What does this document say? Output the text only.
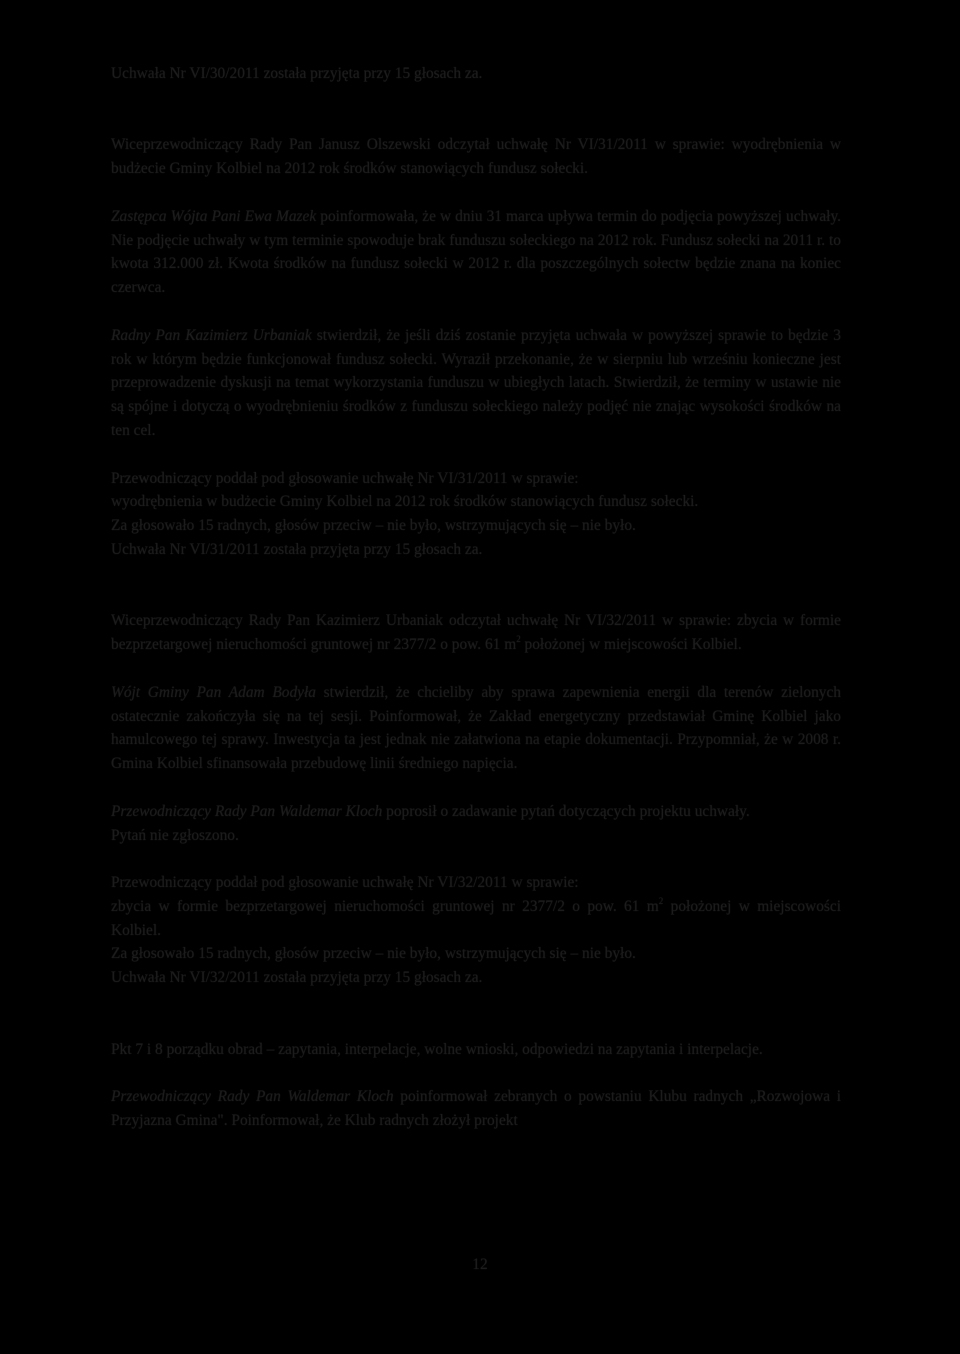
Uchwała Nr VI/30/2011 została przyjęta przy 15 głosach za.

Wiceprzewodniczący Rady Pan Janusz Olszewski odczytał uchwałę Nr VI/31/2011 w sprawie: wyodrębnienia w budżecie Gminy Kolbiel na 2012 rok środków stanowiących fundusz sołecki.

Zastępca Wójta Pani Ewa Mazek poinformowała, że w dniu 31 marca upływa termin do podjęcia powyższej uchwały. Nie podjęcie uchwały w tym terminie spowoduje brak funduszu sołeckiego na 2012 rok. Fundusz sołecki na 2011 r. to kwota 312.000 zł. Kwota środków na fundusz sołecki w 2012 r. dla poszczególnych sołectw będzie znana na koniec czerwca.

Radny Pan Kazimierz Urbaniak stwierdził, że jeśli dziś zostanie przyjęta uchwała w powyższej sprawie to będzie 3 rok w którym będzie funkcjonował fundusz sołecki. Wyraził przekonanie, że w sierpniu lub wrześniu konieczne jest przeprowadzenie dyskusji na temat wykorzystania funduszu w ubiegłych latach. Stwierdził, że terminy w ustawie nie są spójne i dotyczą o wyodrębnieniu środków z funduszu sołeckiego należy podjęć nie znając wysokości środków na ten cel.

Przewodniczący poddał pod głosowanie uchwałę Nr VI/31/2011 w sprawie:

wyodrębnienia w budżecie Gminy Kolbiel na 2012 rok środków stanowiących fundusz sołecki.

Za głosowało 15 radnych, głosów przeciw – nie było, wstrzymujących się – nie było.

Uchwała Nr VI/31/2011 została przyjęta przy 15 głosach za.

Wiceprzewodniczący Rady Pan Kazimierz Urbaniak odczytał uchwałę Nr VI/32/2011 w sprawie: zbycia w formie bezprzetargowej nieruchomości gruntowej nr 2377/2 o pow. 61 $m^2$ położonej w miejscowości Kolbiel.

Wójt Gminy Pan Adam Bodyła stwierdził, że chcieliby aby sprawa zapewnienia energii dla terenów zielonych ostatecznie zakończyła się na tej sesji. Poinformował, że Zakład energetyczny przedstawiał Gminę Kolbiel jako hamulcowego tej sprawy. Inwestycja ta jest jednak nie załatwiona na etapie dokumentacji. Przypomniał, że w 2008 r. Gmina Kolbiel sfinansowała przebudowę linii średniego napięcia.

Przewodniczący Rady Pan Waldemar Kloch poprosił o zadawanie pytań dotyczących projektu uchwały.

Pytań nie zgłoszono.

Przewodniczący poddał pod głosowanie uchwałę Nr VI/32/2011 w sprawie:

zbycia w formie bezprzetargowej nieruchomości gruntowej nr 2377/2 o pow. 61 $m^2$ położonej w miejscowości Kolbiel.

Za głosowało 15 radnych, głosów przeciw – nie było, wstrzymujących się – nie było.

Uchwała Nr VI/32/2011 została przyjęta przy 15 głosach za.

Pkt 7 i 8 porządku obrad – zapytania, interpelacje, wolne wnioski, odpowiedzi na zapytania i interpelacje.

Przewodniczący Rady Pan Waldemar Kloch poinformował zebranych o powstaniu Klubu radnych „Rozwojowa i Przyjazna Gmina". Poinformował, że Klub radnych złożył projekt

12
